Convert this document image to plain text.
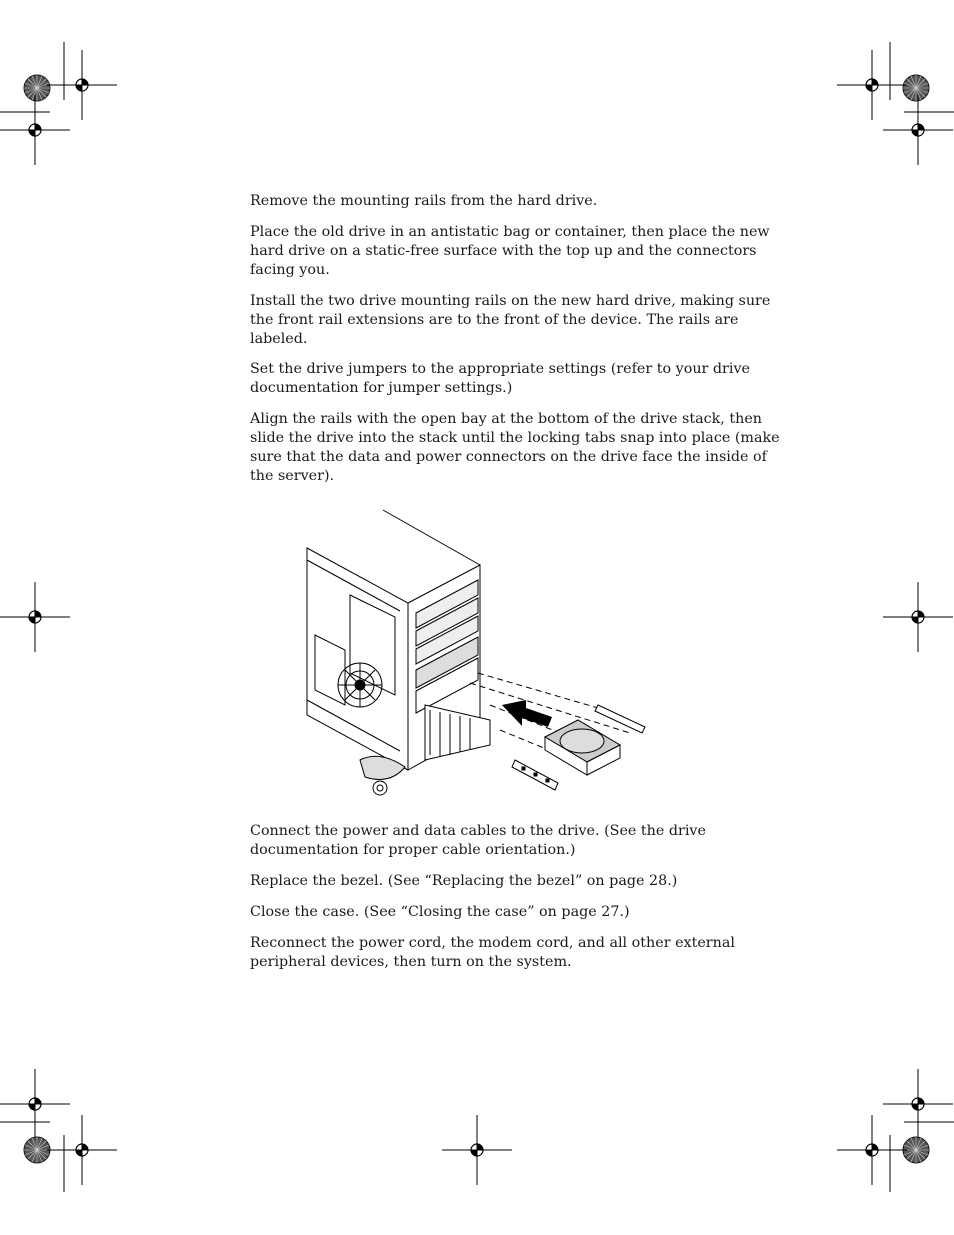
Remove the mounting rails from the hard drive.

Place the old drive in an antistatic bag or container, then place the new hard drive on a static-free surface with the top up and the connectors facing you.

Install the two drive mounting rails on the new hard drive, making sure the front rail extensions are to the front of the device. The rails are labeled.

Set the drive jumpers to the appropriate settings (refer to your drive documentation for jumper settings.)

Align the rails with the open bay at the bottom of the drive stack, then slide the drive into the stack until the locking tabs snap into place (make sure that the data and power connectors on the drive face the inside of the server).

Connect the power and data cables to the drive. (See the drive documentation for proper cable orientation.)

Replace the bezel. (See “Replacing the bezel” on page 28.)

Close the case. (See “Closing the case” on page 27.)

Reconnect the power cord, the modem cord, and all other external peripheral devices, then turn on the system.
